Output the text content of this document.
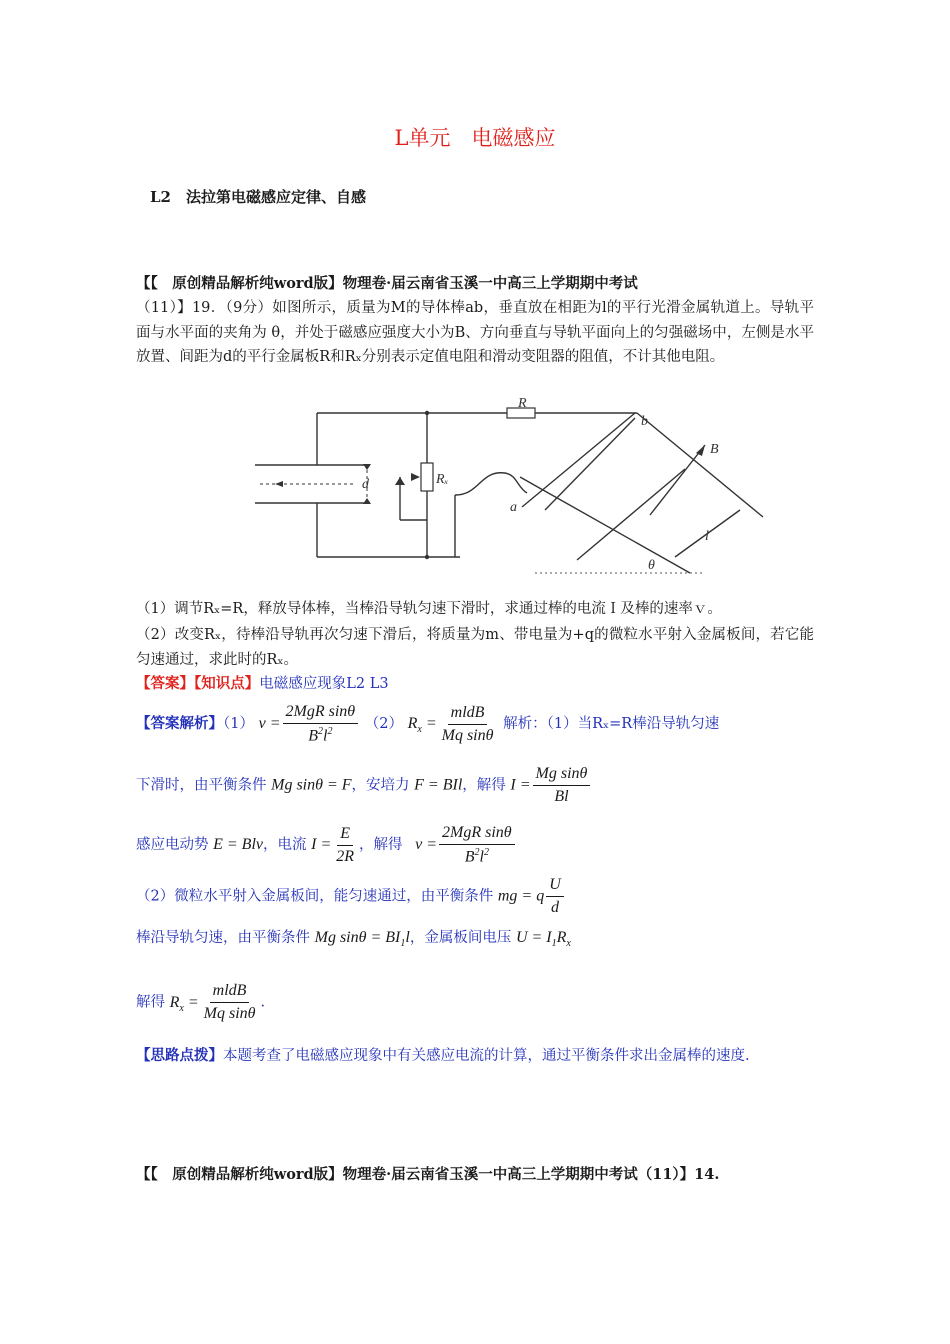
L单元　电磁感应
L2　法拉第电磁感应定律、自感
【【　原创精品解析纯word版】物理卷·届云南省玉溪一中高三上学期期中考试
（11）】19．（9分）如图所示，质量为M的导体棒ab，垂直放在相距为l的平行光滑金属轨道上。导轨平面与水平面的夹角为 θ，并处于磁感应强度大小为B、方向垂直与导轨平面向上的匀强磁场中，左侧是水平放置、间距为d的平行金属板R和Rₓ分别表示定值电阻和滑动变阻器的阻值，不计其他电阻。
R
Rₓ
d
a
b
B
l
θ
（1）调节Rₓ=R，释放导体棒，当棒沿导轨匀速下滑时，求通过棒的电流Ｉ及棒的速率ｖ。
（2）改变Rₓ，待棒沿导轨再次匀速下滑后，将质量为m、带电量为+q的微粒水平射入金属板间，若它能匀速通过，求此时的Rₓ。
【答案】【知识点】电磁感应现象L2 L3
【答案解析】（1） $v = \frac{\text{2MgR sinθ}}{B^2l^2} (2) R_x = \frac{\text{mldB}}{\text{Mq sinθ}}$ 解析：（1）当Rₓ=R棒沿导轨匀速
下滑时，由平衡条件 Mg sinθ = F，安培力 F = BIl，解得 $I = \frac{\text{Mg sinθ}}{Bl}$
感应电动势 E = Blv，电流 $I = \frac{E}{2R}$ ，解得   $v = \frac{\text{2MgR sinθ}}{B^2l^2}$
（2）微粒水平射入金属板间，能匀速通过，由平衡条件 mg = q $\frac{U}{d}$
棒沿导轨匀速，由平衡条件 Mg $\sin\theta = BI_1l$，金属板间电压 $U = I_1R_x$
解得 $R_x = \frac{\text{mldB}}{\text{Mq sinθ}}$ .
【思路点拨】本题考查了电磁感应现象中有关感应电流的计算，通过平衡条件求出金属棒的速度.
【【　原创精品解析纯word版】物理卷·届云南省玉溪一中高三上学期期中考试（11）】14.
